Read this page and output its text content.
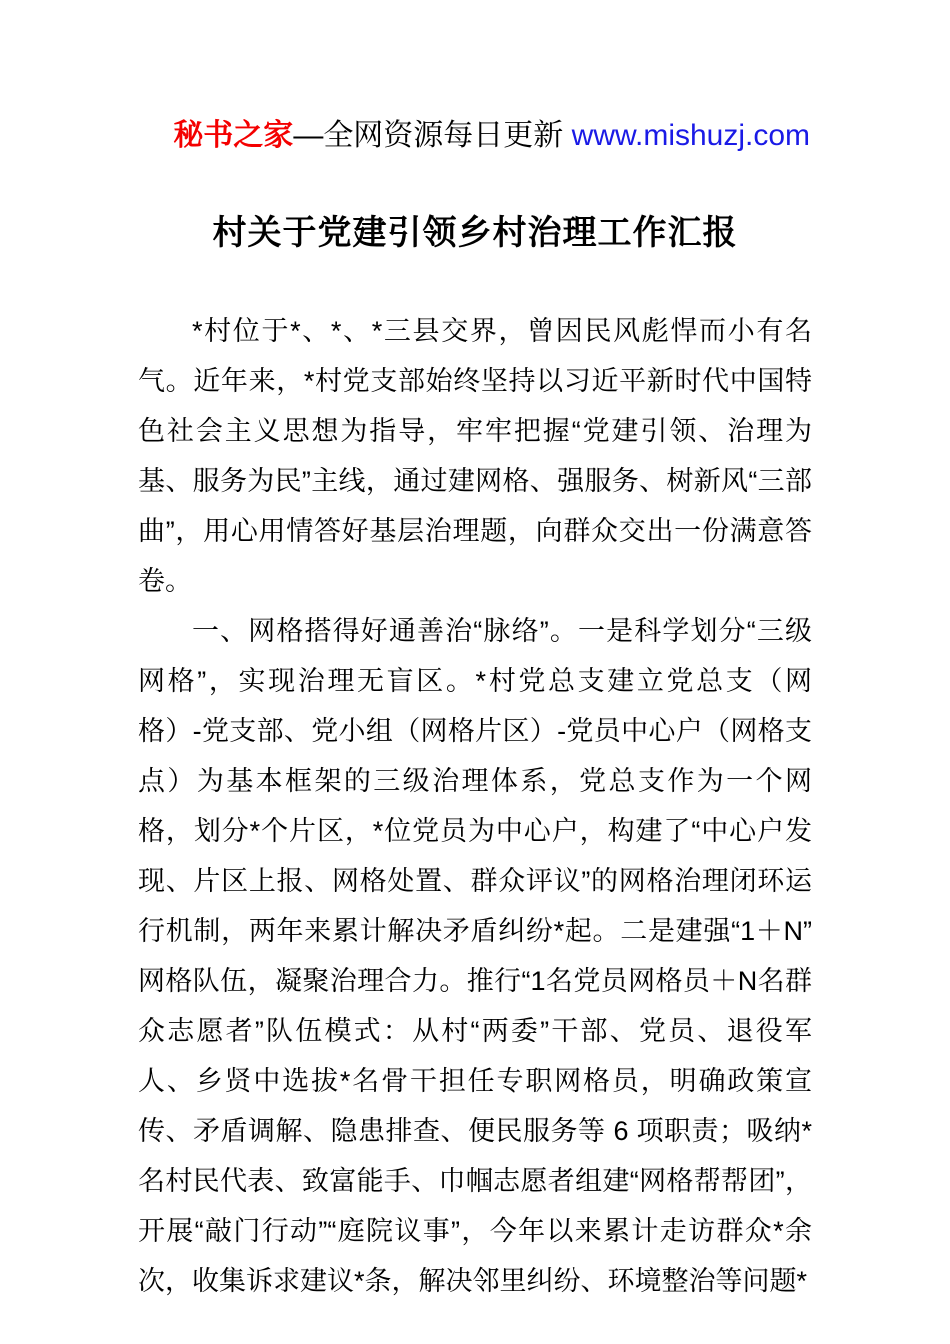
秘书之家—全网资源每日更新 www.mishuzj.com

村关于党建引领乡村治理工作汇报

*村位于*、*、*三县交界，曾因民风彪悍而小有名气。近年来，*村党支部始终坚持以习近平新时代中国特色社会主义思想为指导，牢牢把握“党建引领、治理为基、服务为民”主线，通过建网格、强服务、树新风“三部曲”，用心用情答好基层治理题，向群众交出一份满意答卷。

一、网格搭得好通善治“脉络”。一是科学划分“三级网格”，实现治理无盲区。*村党总支建立党总支（网格）-党支部、党小组（网格片区）-党员中心户（网格支点）为基本框架的三级治理体系，党总支作为一个网格，划分*个片区，*位党员为中心户，构建了“中心户发现、片区上报、网格处置、群众评议”的网格治理闭环运行机制，两年来累计解决矛盾纠纷*起。二是建强“1＋N”网格队伍，凝聚治理合力。推行“1名党员网格员＋N名群众志愿者”队伍模式：从村“两委”干部、党员、退役军人、乡贤中选拔*名骨干担任专职网格员，明确政策宣传、矛盾调解、隐患排查、便民服务等 6 项职责；吸纳*名村民代表、致富能手、巾帼志愿者组建“网格帮帮团”，开展“敲门行动”“庭院议事”，今年以来累计走访群众*余次，收集诉求建议*条，解决邻里纠纷、环境整治等问题*
